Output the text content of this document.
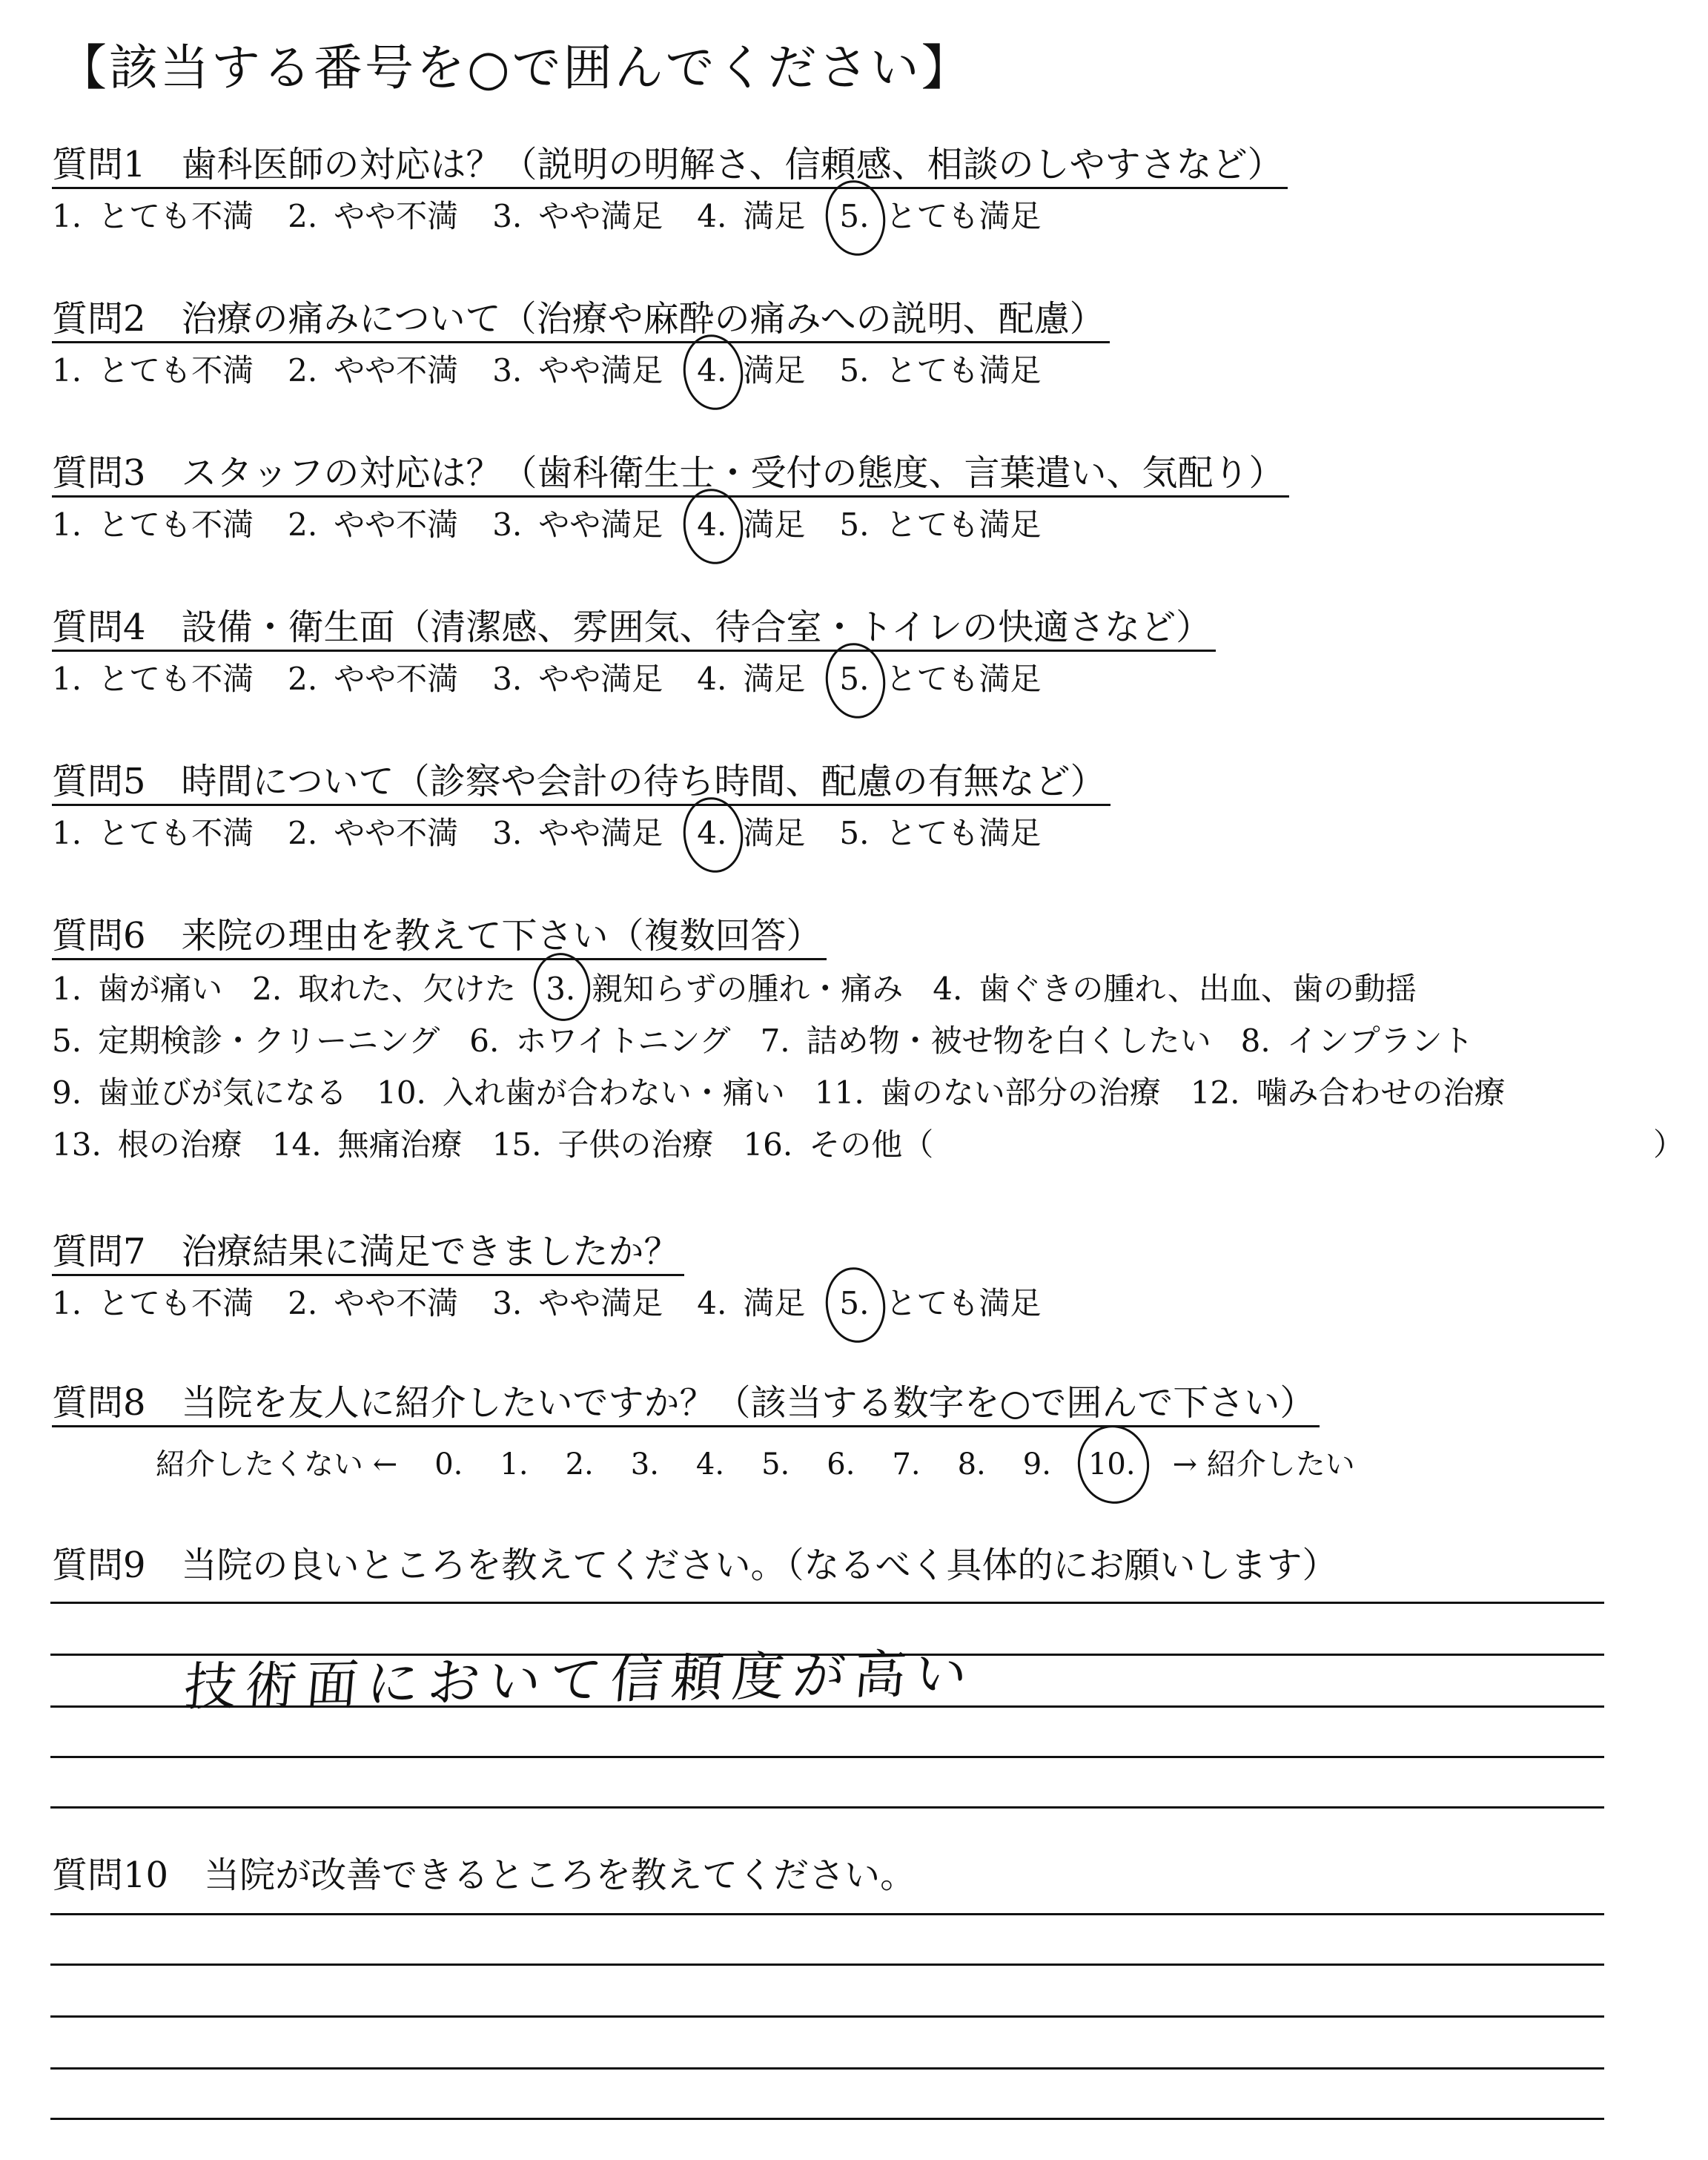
【該当する番号を○で囲んでください】
質問1　歯科医師の対応は？（説明の明解さ、信頼感、相談のしやすさなど）
1. とても不満 2. やや不満 3. やや満足 4. 満足 5. とても満足
質問2　治療の痛みについて（治療や麻酔の痛みへの説明、配慮）
1. とても不満 2. やや不満 3. やや満足 4. 満足 5. とても満足
質問3　スタッフの対応は？（歯科衛生士・受付の態度、言葉遣い、気配り）
1. とても不満 2. やや不満 3. やや満足 4. 満足 5. とても満足
質問4　設備・衛生面（清潔感、雰囲気、待合室・トイレの快適さなど）
1. とても不満 2. やや不満 3. やや満足 4. 満足 5. とても満足
質問5　時間について（診察や会計の待ち時間、配慮の有無など）
1. とても不満 2. やや不満 3. やや満足 4. 満足 5. とても満足
質問6　来院の理由を教えて下さい（複数回答）
1. 歯が痛い 2. 取れた、欠けた 3. 親知らずの腫れ・痛み 4. 歯ぐきの腫れ、出血、歯の動揺
5. 定期検診・クリーニング 6. ホワイトニング 7. 詰め物・被せ物を白くしたい 8. インプラント
9. 歯並びが気になる 10. 入れ歯が合わない・痛い 11. 歯のない部分の治療 12. 噛み合わせの治療
13. 根の治療 14. 無痛治療 15. 子供の治療 16. その他（	）
質問7　治療結果に満足できましたか？
1. とても不満 2. やや不満 3. やや満足 4. 満足 5. とても満足
質問8　当院を友人に紹介したいですか？（該当する数字を○で囲んで下さい）
紹介したくない ← 0. 1. 2. 3. 4. 5. 6. 7. 8. 9. 10. → 紹介したい
質問9　当院の良いところを教えてください。（なるべく具体的にお願いします）
技術面において信頼度が高い
質問10　当院が改善できるところを教えてください。
